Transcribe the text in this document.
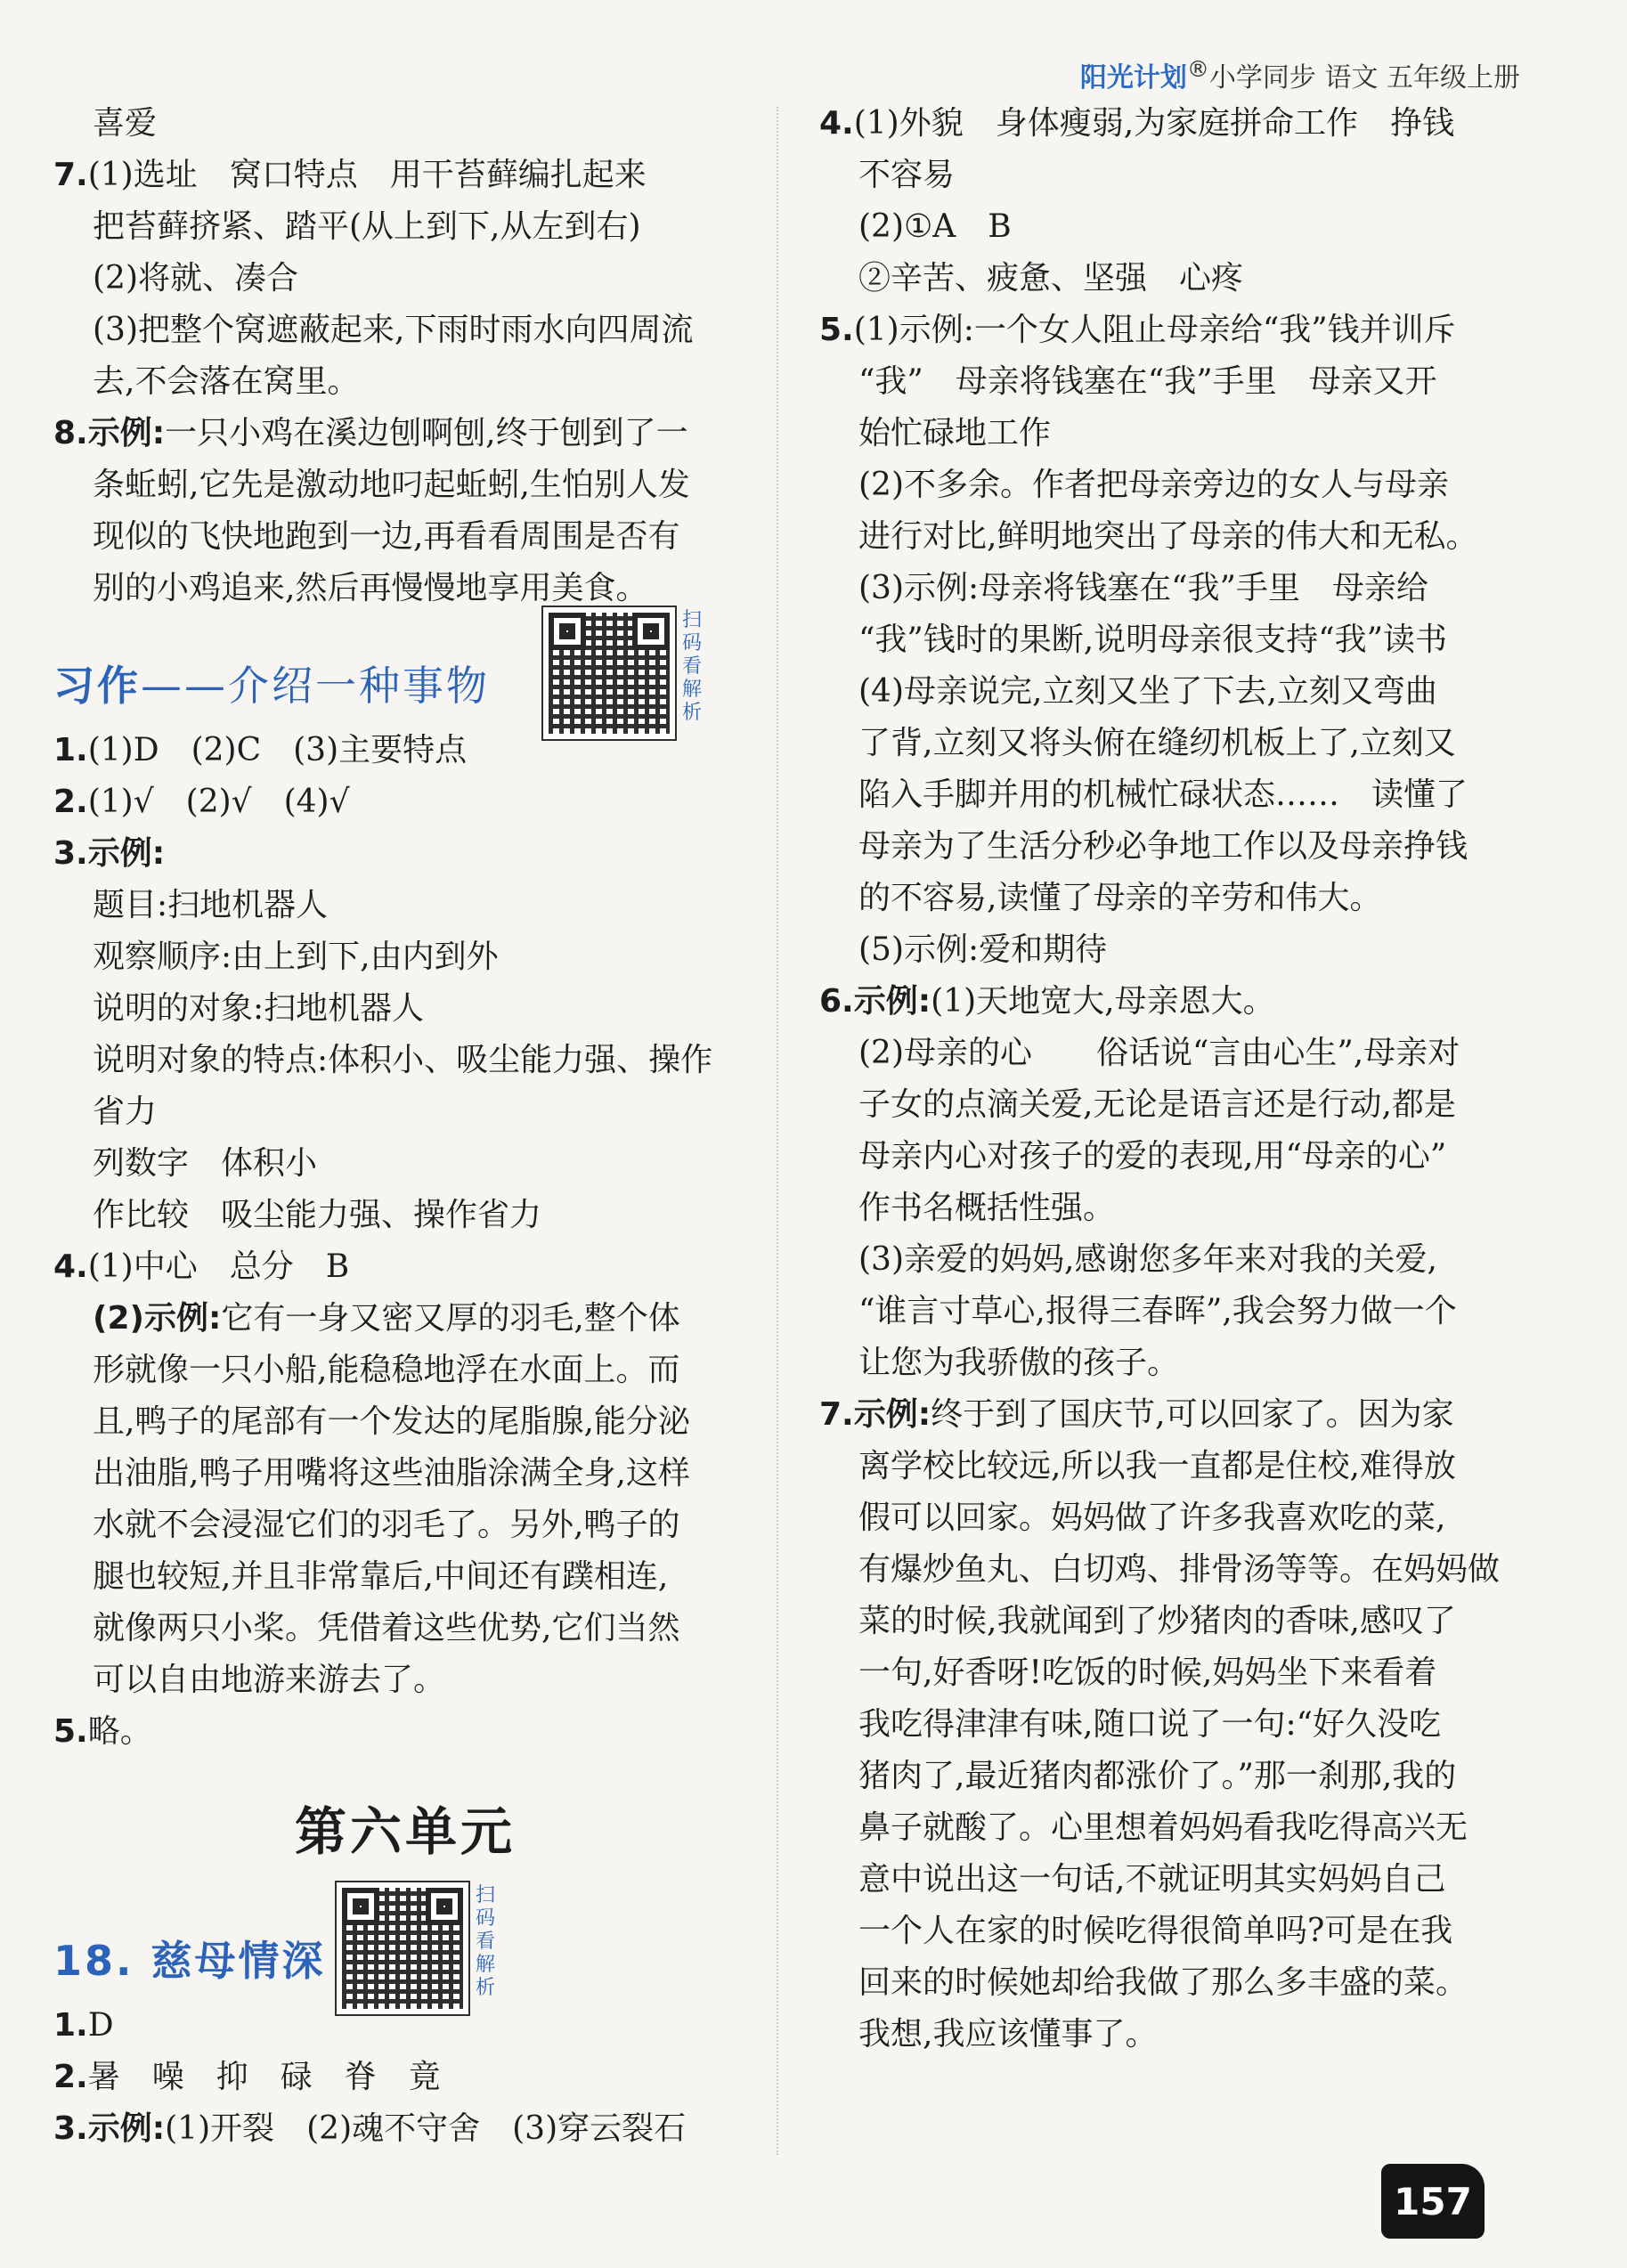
阳光计划®小学同步 语文 五年级上册

喜爱

7.(1)选址　窝口特点　用干苔藓编扎起来

把苔藓挤紧、踏平(从上到下,从左到右)

(2)将就、凑合

(3)把整个窝遮蔽起来,下雨时雨水向四周流

去,不会落在窝里。

8.示例:一只小鸡在溪边刨啊刨,终于刨到了一

条蚯蚓,它先是激动地叼起蚯蚓,生怕别人发

现似的飞快地跑到一边,再看看周围是否有

别的小鸡追来,然后再慢慢地享用美食。

习作——介绍一种事物
扫码看解析

1.(1)D　(2)C　(3)主要特点

2.(1)√　(2)√　(4)√

3.示例:

题目:扫地机器人

观察顺序:由上到下,由内到外

说明的对象:扫地机器人

说明对象的特点:体积小、吸尘能力强、操作

省力

列数字　体积小

作比较　吸尘能力强、操作省力

4.(1)中心　总分　B

(2)示例:它有一身又密又厚的羽毛,整个体

形就像一只小船,能稳稳地浮在水面上。而

且,鸭子的尾部有一个发达的尾脂腺,能分泌

出油脂,鸭子用嘴将这些油脂涂满全身,这样

水就不会浸湿它们的羽毛了。另外,鸭子的

腿也较短,并且非常靠后,中间还有蹼相连,

就像两只小桨。凭借着这些优势,它们当然

可以自由地游来游去了。

5.略。

第六单元
18. 慈母情深
扫码看解析

1.D

2.暑　噪　抑　碌　脊　竟

3.示例:(1)开裂　(2)魂不守舍　(3)穿云裂石

4.(1)外貌　身体瘦弱,为家庭拼命工作　挣钱

不容易

(2)①A　B

②辛苦、疲惫、坚强　心疼

5.(1)示例:一个女人阻止母亲给“我”钱并训斥

“我”　母亲将钱塞在“我”手里　母亲又开

始忙碌地工作

(2)不多余。作者把母亲旁边的女人与母亲

进行对比,鲜明地突出了母亲的伟大和无私。

(3)示例:母亲将钱塞在“我”手里　母亲给

“我”钱时的果断,说明母亲很支持“我”读书

(4)母亲说完,立刻又坐了下去,立刻又弯曲

了背,立刻又将头俯在缝纫机板上了,立刻又

陷入手脚并用的机械忙碌状态……　读懂了

母亲为了生活分秒必争地工作以及母亲挣钱

的不容易,读懂了母亲的辛劳和伟大。

(5)示例:爱和期待

6.示例:(1)天地宽大,母亲恩大。

(2)母亲的心　　俗话说“言由心生”,母亲对

子女的点滴关爱,无论是语言还是行动,都是

母亲内心对孩子的爱的表现,用“母亲的心”

作书名概括性强。

(3)亲爱的妈妈,感谢您多年来对我的关爱,

“谁言寸草心,报得三春晖”,我会努力做一个

让您为我骄傲的孩子。

7.示例:终于到了国庆节,可以回家了。因为家

离学校比较远,所以我一直都是住校,难得放

假可以回家。妈妈做了许多我喜欢吃的菜,

有爆炒鱼丸、白切鸡、排骨汤等等。在妈妈做

菜的时候,我就闻到了炒猪肉的香味,感叹了

一句,好香呀!吃饭的时候,妈妈坐下来看着

我吃得津津有味,随口说了一句:“好久没吃

猪肉了,最近猪肉都涨价了。”那一刹那,我的

鼻子就酸了。心里想着妈妈看我吃得高兴无

意中说出这一句话,不就证明其实妈妈自己

一个人在家的时候吃得很简单吗?可是在我

回来的时候她却给我做了那么多丰盛的菜。

我想,我应该懂事了。

157
